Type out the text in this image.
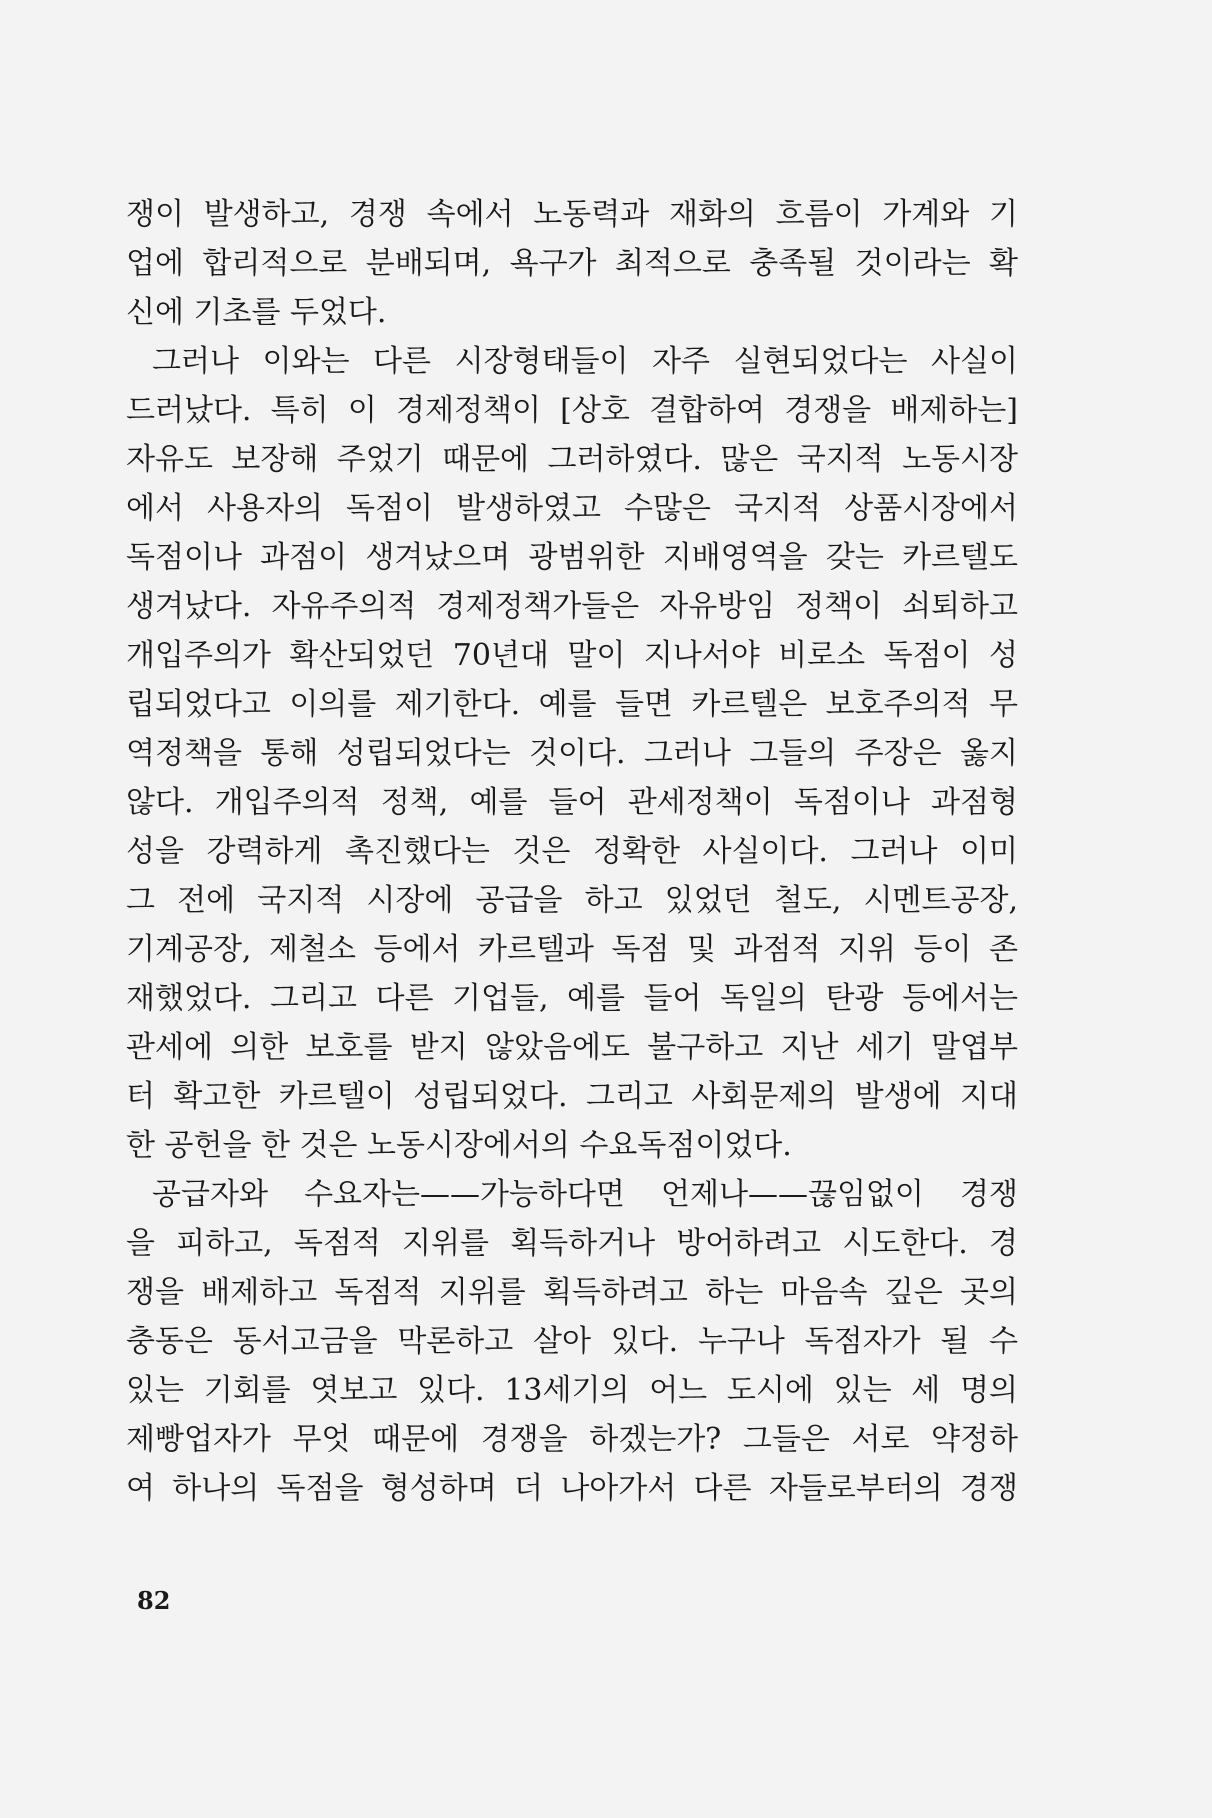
쟁이 발생하고, 경쟁 속에서 노동력과 재화의 흐름이 가계와 기
업에 합리적으로 분배되며, 욕구가 최적으로 충족될 것이라는 확
신에 기초를 두었다.
그러나 이와는 다른 시장형태들이 자주 실현되었다는 사실이
드러났다. 특히 이 경제정책이 [상호 결합하여 경쟁을 배제하는]
자유도 보장해 주었기 때문에 그러하였다. 많은 국지적 노동시장
에서 사용자의 독점이 발생하였고 수많은 국지적 상품시장에서
독점이나 과점이 생겨났으며 광범위한 지배영역을 갖는 카르텔도
생겨났다. 자유주의적 경제정책가들은 자유방임 정책이 쇠퇴하고
개입주의가 확산되었던 70년대 말이 지나서야 비로소 독점이 성
립되었다고 이의를 제기한다. 예를 들면 카르텔은 보호주의적 무
역정책을 통해 성립되었다는 것이다. 그러나 그들의 주장은 옳지
않다. 개입주의적 정책, 예를 들어 관세정책이 독점이나 과점형
성을 강력하게 촉진했다는 것은 정확한 사실이다. 그러나 이미
그 전에 국지적 시장에 공급을 하고 있었던 철도, 시멘트공장,
기계공장, 제철소 등에서 카르텔과 독점 및 과점적 지위 등이 존
재했었다. 그리고 다른 기업들, 예를 들어 독일의 탄광 등에서는
관세에 의한 보호를 받지 않았음에도 불구하고 지난 세기 말엽부
터 확고한 카르텔이 성립되었다. 그리고 사회문제의 발생에 지대
한 공헌을 한 것은 노동시장에서의 수요독점이었다.
공급자와 수요자는——가능하다면 언제나——끊임없이 경쟁
을 피하고, 독점적 지위를 획득하거나 방어하려고 시도한다. 경
쟁을 배제하고 독점적 지위를 획득하려고 하는 마음속 깊은 곳의
충동은 동서고금을 막론하고 살아 있다. 누구나 독점자가 될 수
있는 기회를 엿보고 있다. 13세기의 어느 도시에 있는 세 명의
제빵업자가 무엇 때문에 경쟁을 하겠는가? 그들은 서로 약정하
여 하나의 독점을 형성하며 더 나아가서 다른 자들로부터의 경쟁
82
